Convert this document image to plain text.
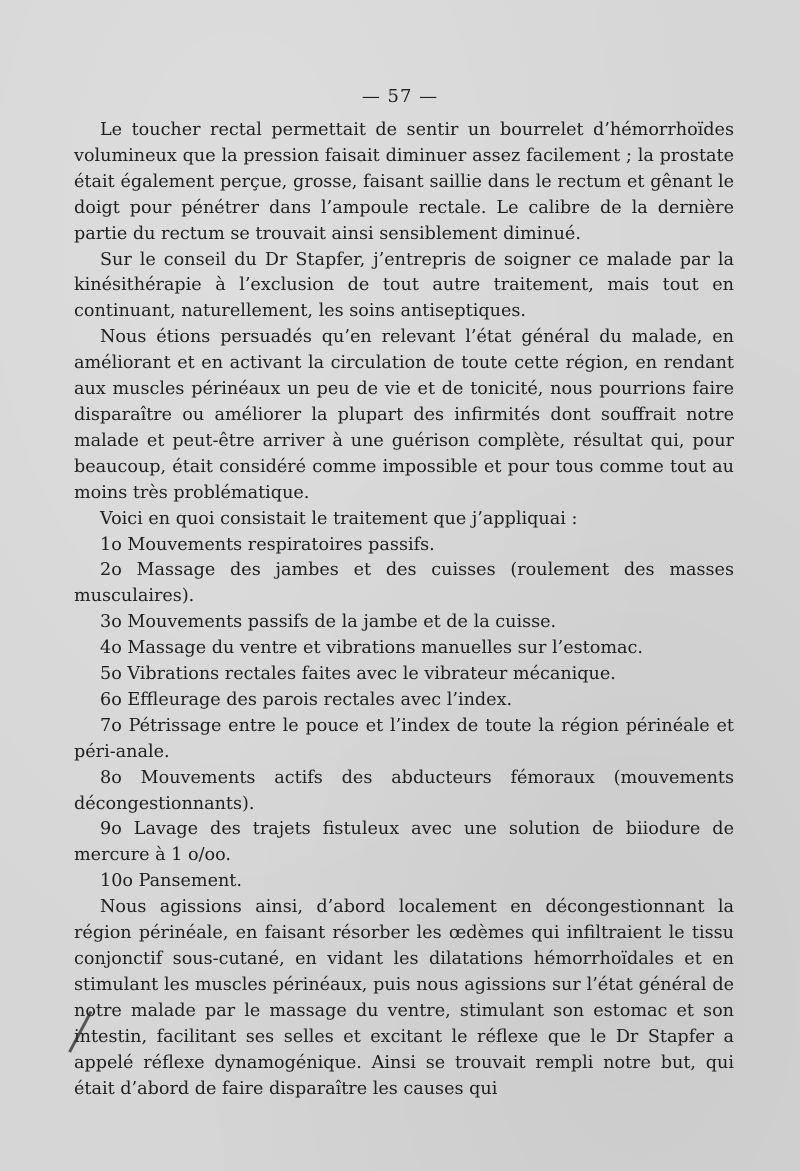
— 57 —

Le toucher rectal permettait de sentir un bourrelet d’hémorrhoïdes volumineux que la pression faisait diminuer assez facilement ; la prostate était également perçue, grosse, faisant saillie dans le rectum et gênant le doigt pour pénétrer dans l’ampoule rectale. Le calibre de la dernière partie du rectum se trouvait ainsi sensiblement diminué.

Sur le conseil du Dr Stapfer, j’entrepris de soigner ce malade par la kinésithérapie à l’exclusion de tout autre traitement, mais tout en continuant, naturellement, les soins antiseptiques.

Nous étions persuadés qu’en relevant l’état général du malade, en améliorant et en activant la circulation de toute cette région, en rendant aux muscles périnéaux un peu de vie et de tonicité, nous pourrions faire disparaître ou améliorer la plupart des infirmités dont souffrait notre malade et peut-être arriver à une guérison complète, résultat qui, pour beaucoup, était considéré comme impossible et pour tous comme tout au moins très problématique.

Voici en quoi consistait le traitement que j’appliquai :

1o Mouvements respiratoires passifs.

2o Massage des jambes et des cuisses (roulement des masses musculaires).

3o Mouvements passifs de la jambe et de la cuisse.

4o Massage du ventre et vibrations manuelles sur l’estomac.

5o Vibrations rectales faites avec le vibrateur mécanique.

6o Effleurage des parois rectales avec l’index.

7o Pétrissage entre le pouce et l’index de toute la région périnéale et péri-anale.

8o Mouvements actifs des abducteurs fémoraux (mouvements décongestionnants).

9o Lavage des trajets fistuleux avec une solution de biiodure de mercure à 1 o/oo.

10o Pansement.

Nous agissions ainsi, d’abord localement en décongestionnant la région périnéale, en faisant résorber les œdèmes qui infiltraient le tissu conjonctif sous-cutané, en vidant les dilatations hémorrhoïdales et en stimulant les muscles périnéaux, puis nous agissions sur l’état général de notre malade par le massage du ventre, stimulant son estomac et son intestin, facilitant ses selles et excitant le réflexe que le Dr Stapfer a appelé réflexe dynamogénique. Ainsi se trouvait rempli notre but, qui était d’abord de faire disparaître les causes qui
